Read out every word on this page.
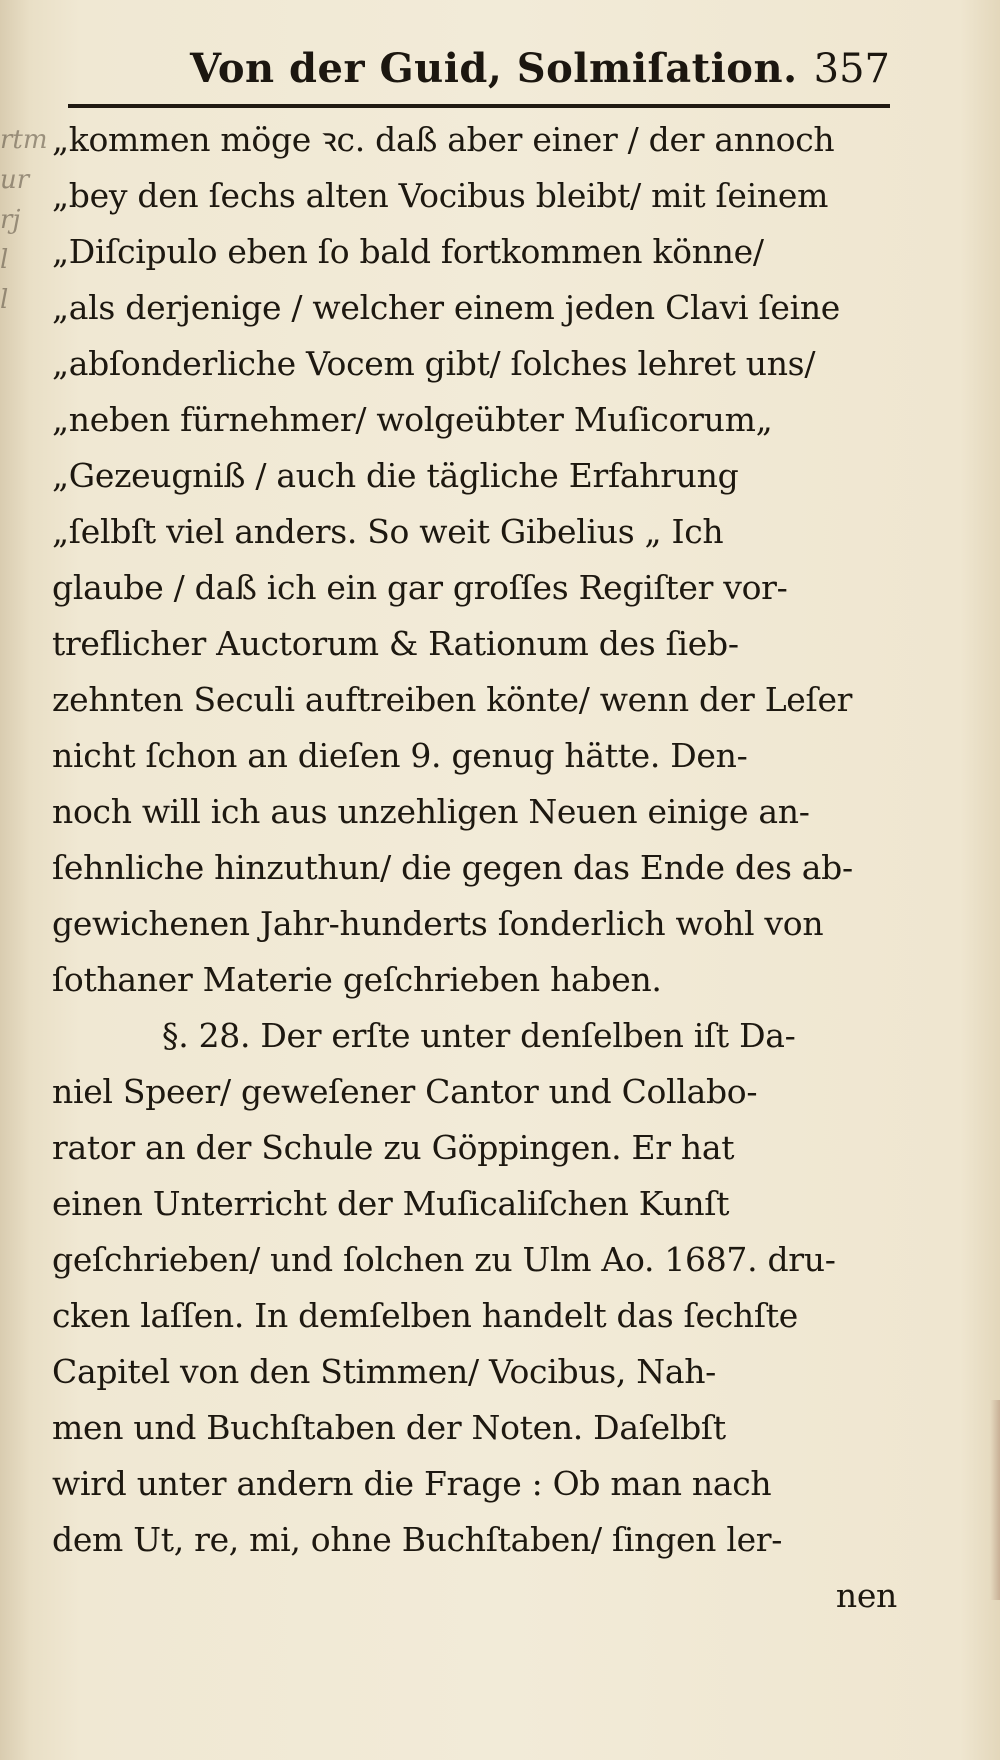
rtm
ur
rj
l
l
Von der Guid, Solmiſation. 357
„kommen möge ꝛc. daß aber einer / der annoch
„bey den ſechs alten Vocibus bleibt/ mit ſeinem
„Diſcipulo eben ſo bald fortkommen könne/
„als derjenige / welcher einem jeden Clavi ſeine
„abſonderliche Vocem gibt/ ſolches lehret uns/
„neben fürnehmer/ wolgeübter Muſicorum„
„Gezeugniß / auch die tägliche Erfahrung
„ſelbſt viel anders. So weit Gibelius „ Ich
glaube / daß ich ein gar groſſes Regiſter vor-
treflicher Auctorum & Rationum des ſieb-
zehnten Seculi auftreiben könte/ wenn der Leſer
nicht ſchon an dieſen 9. genug hätte. Den-
noch will ich aus unzehligen Neuen einige an-
ſehnliche hinzuthun/ die gegen das Ende des ab-
gewichenen Jahr-hunderts ſonderlich wohl von
ſothaner Materie geſchrieben haben.
§. 28. Der erſte unter denſelben iſt Da-
niel Speer/ geweſener Cantor und Collabo-
rator an der Schule zu Göppingen. Er hat
einen Unterricht der Muſicaliſchen Kunſt
geſchrieben/ und ſolchen zu Ulm Ao. 1687. dru-
cken laſſen. In demſelben handelt das ſechſte
Capitel von den Stimmen/ Vocibus, Nah-
men und Buchſtaben der Noten. Daſelbſt
wird unter andern die Frage : Ob man nach
dem Ut, re, mi, ohne Buchſtaben/ ſingen ler-
nen
